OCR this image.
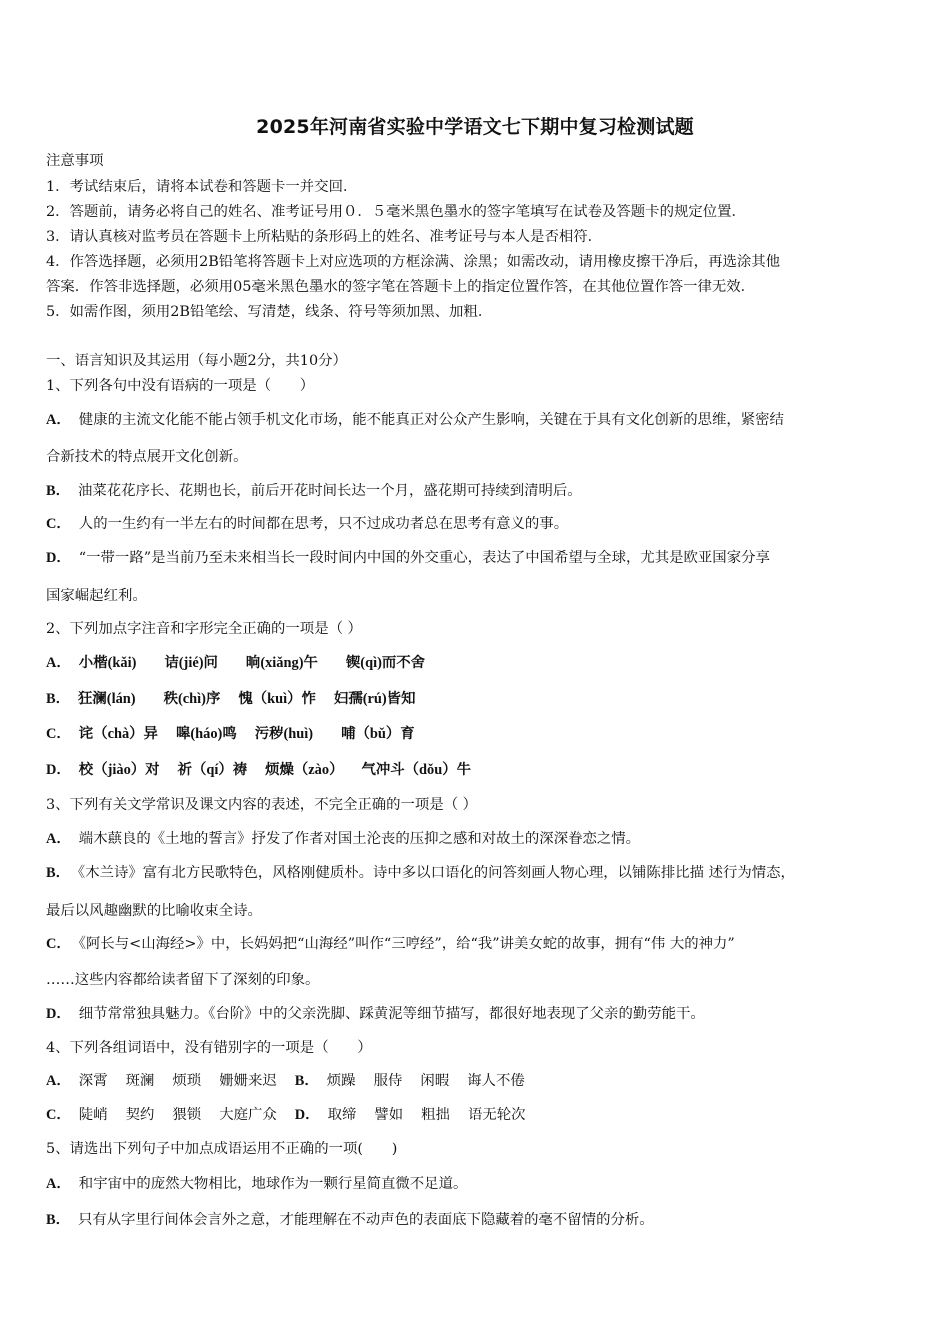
2025年河南省实验中学语文七下期中复习检测试题
注意事项
1．考试结束后，请将本试卷和答题卡一并交回．
2．答题前，请务必将自己的姓名、准考证号用０．５毫米黑色墨水的签字笔填写在试卷及答题卡的规定位置．
3．请认真核对监考员在答题卡上所粘贴的条形码上的姓名、准考证号与本人是否相符．
4．作答选择题，必须用2B铅笔将答题卡上对应选项的方框涂满、涂黑；如需改动，请用橡皮擦干净后，再选涂其他
答案．作答非选择题，必须用05毫米黑色墨水的签字笔在答题卡上的指定位置作答，在其他位置作答一律无效．
5．如需作图，须用2B铅笔绘、写清楚，线条、符号等须加黑、加粗．
一、语言知识及其运用（每小题2分，共10分）
1、下列各句中没有语病的一项是（　　）
A． 健康的主流文化能不能占领手机文化市场，能不能真正对公众产生影响，关键在于具有文化创新的思维，紧密结
合新技术的特点展开文化创新。
B． 油菜花花序长、花期也长，前后开花时间长达一个月，盛花期可持续到清明后。
C． 人的一生约有一半左右的时间都在思考，只不过成功者总在思考有意义的事。
D． “一带一路”是当前乃至未来相当长一段时间内中国的外交重心，表达了中国希望与全球，尤其是欧亚国家分享
国家崛起红利。
2、下列加点字注音和字形完全正确的一项是（ ）
A． 小楷(kǎi) 诘(jié)问 晌(xiǎng)午 锲(qì)而不舍
B． 狂澜(lán) 秩(chì)序 愧（kuì）怍 妇孺(rú)皆知
C． 诧（chà）异 嗥(háo)鸣 污秽(huì) 哺（bǔ）育
D． 校（jiào）对 祈（qí）祷 烦燥（zào） 气冲斗（dǒu）牛
3、下列有关文学常识及课文内容的表述，不完全正确的一项是（ ）
A． 端木蕻良的《土地的誓言》抒发了作者对国土沦丧的压抑之感和对故土的深深眷恋之情。
B． 《木兰诗》富有北方民歌特色，风格刚健质朴。诗中多以口语化的问答刻画人物心理，以铺陈排比描 述行为情态，
最后以风趣幽默的比喻收束全诗。
C． 《阿长与<山海经>》中，长妈妈把“山海经”叫作“三哼经”，给“我”讲美女蛇的故事，拥有“伟 大的神力”
……这些内容都给读者留下了深刻的印象。
D． 细节常常独具魅力。《台阶》中的父亲洗脚、踩黄泥等细节描写，都很好地表现了父亲的勤劳能干。
4、下列各组词语中，没有错别字的一项是（　　）
A． 深霄 斑澜 烦琐 姗姗来迟 B． 烦躁 服侍 闲暇 诲人不倦
C． 陡峭 契约 猥锁 大庭广众 D． 取缔 譬如 粗拙 语无轮次
5、请选出下列句子中加点成语运用不正确的一项(　　)
A． 和宇宙中的庞然大物相比，地球作为一颗行星简直微不足道。
B． 只有从字里行间体会言外之意，才能理解在不动声色的表面底下隐藏着的毫不留情的分析。
